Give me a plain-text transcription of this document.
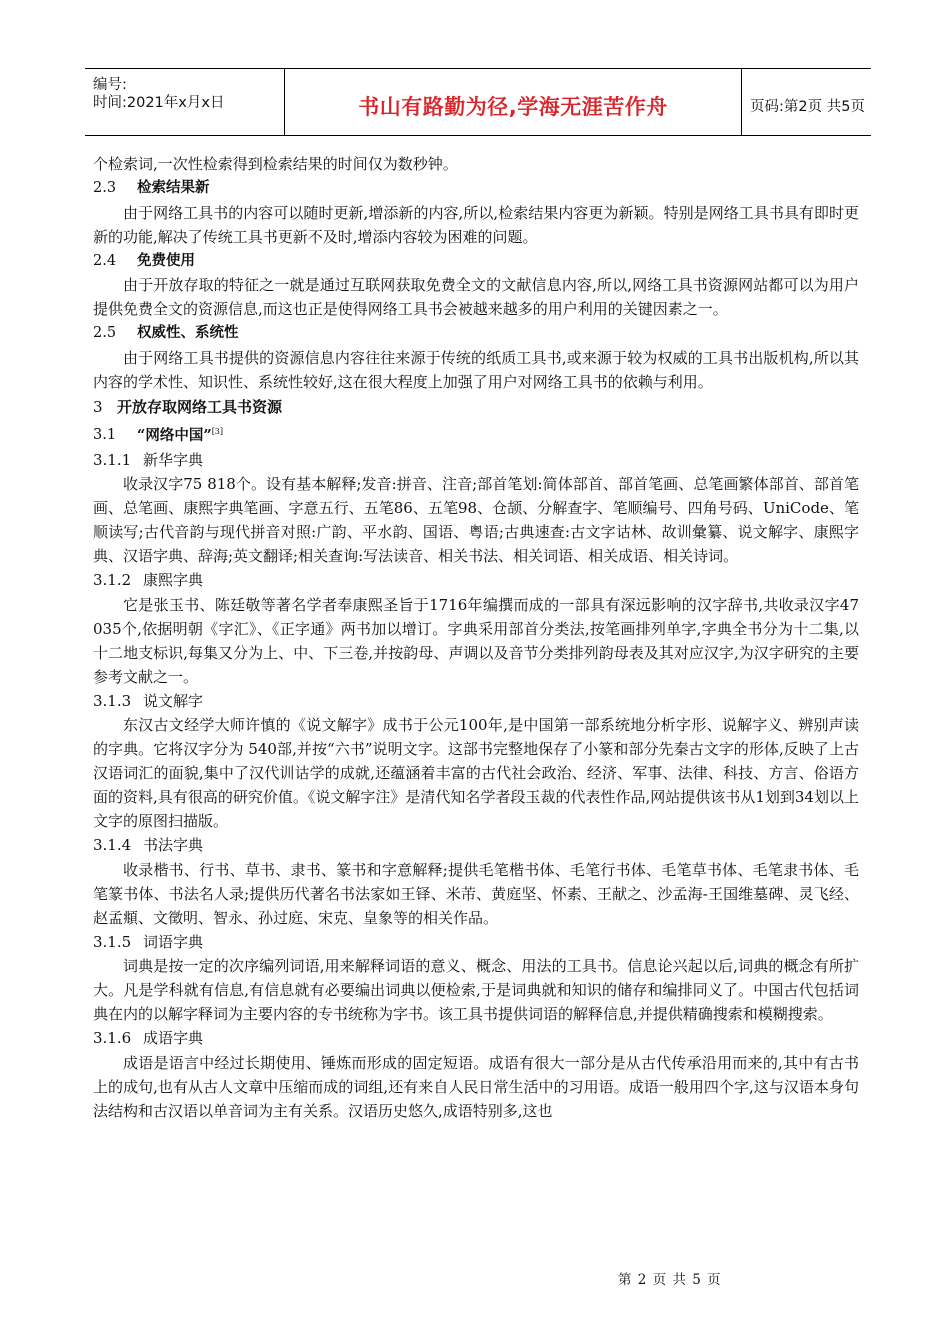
编号:
时间:2021年x月x日	书山有路勤为径,学海无涯苦作舟	页码:第2页 共5页

个检索词,一次性检索得到检索结果的时间仅为数秒钟。

2.3 检索结果新

由于网络工具书的内容可以随时更新,增添新的内容,所以,检索结果内容更为新颖。特别是网络工具书具有即时更新的功能,解决了传统工具书更新不及时,增添内容较为困难的问题。

2.4 免费使用

由于开放存取的特征之一就是通过互联网获取免费全文的文献信息内容,所以,网络工具书资源网站都可以为用户提供免费全文的资源信息,而这也正是使得网络工具书会被越来越多的用户利用的关键因素之一。

2.5 权威性、系统性

由于网络工具书提供的资源信息内容往往来源于传统的纸质工具书,或来源于较为权威的工具书出版机构,所以其内容的学术性、知识性、系统性较好,这在很大程度上加强了用户对网络工具书的依赖与利用。

3 开放存取网络工具书资源

3.1 “网络中国”[3]

3.1.1 新华字典

收录汉字75 818个。设有基本解释;发音:拼音、注音;部首笔划:简体部首、部首笔画、总笔画繁体部首、部首笔画、总笔画、康熙字典笔画、字意五行、五笔86、五笔98、仓颉、分解查字、笔顺编号、四角号码、UniCode、笔顺读写;古代音韵与现代拼音对照:广韵、平水韵、国语、粤语;古典速查:古文字诂林、故训彙纂、说文解字、康熙字典、汉语字典、辞海;英文翻译;相关查询:写法读音、相关书法、相关词语、相关成语、相关诗词。

3.1.2 康熙字典

它是张玉书、陈廷敬等著名学者奉康熙圣旨于1716年编撰而成的一部具有深远影响的汉字辞书,共收录汉字47 035个,依据明朝《字汇》、《正字通》两书加以增订。字典采用部首分类法,按笔画排列单字,字典全书分为十二集,以十二地支标识,每集又分为上、中、下三卷,并按韵母、声调以及音节分类排列韵母表及其对应汉字,为汉字研究的主要参考文献之一。

3.1.3 说文解字

东汉古文经学大师许慎的《说文解字》成书于公元100年,是中国第一部系统地分析字形、说解字义、辨别声读的字典。它将汉字分为 540部,并按“六书”说明文字。这部书完整地保存了小篆和部分先秦古文字的形体,反映了上古汉语词汇的面貌,集中了汉代训诂学的成就,还蕴涵着丰富的古代社会政治、经济、军事、法律、科技、方言、俗语方面的资料,具有很高的研究价值。《说文解字注》是清代知名学者段玉裁的代表性作品,网站提供该书从1划到34划以上文字的原图扫描版。

3.1.4 书法字典

收录楷书、行书、草书、隶书、篆书和字意解释;提供毛笔楷书体、毛笔行书体、毛笔草书体、毛笔隶书体、毛笔篆书体、书法名人录;提供历代著名书法家如王铎、米芾、黄庭坚、怀素、王献之、沙孟海-王国维墓碑、灵飞经、赵孟頫、文徵明、智永、孙过庭、宋克、皇象等的相关作品。

3.1.5 词语字典

词典是按一定的次序编列词语,用来解释词语的意义、概念、用法的工具书。信息论兴起以后,词典的概念有所扩大。凡是学科就有信息,有信息就有必要编出词典以便检索,于是词典就和知识的储存和编排同义了。中国古代包括词典在内的以解字释词为主要内容的专书统称为字书。该工具书提供词语的解释信息,并提供精确搜索和模糊搜索。

3.1.6 成语字典

成语是语言中经过长期使用、锤炼而形成的固定短语。成语有很大一部分是从古代传承沿用而来的,其中有古书上的成句,也有从古人文章中压缩而成的词组,还有来自人民日常生活中的习用语。成语一般用四个字,这与汉语本身句法结构和古汉语以单音词为主有关系。汉语历史悠久,成语特别多,这也

第 2 页 共 5 页
